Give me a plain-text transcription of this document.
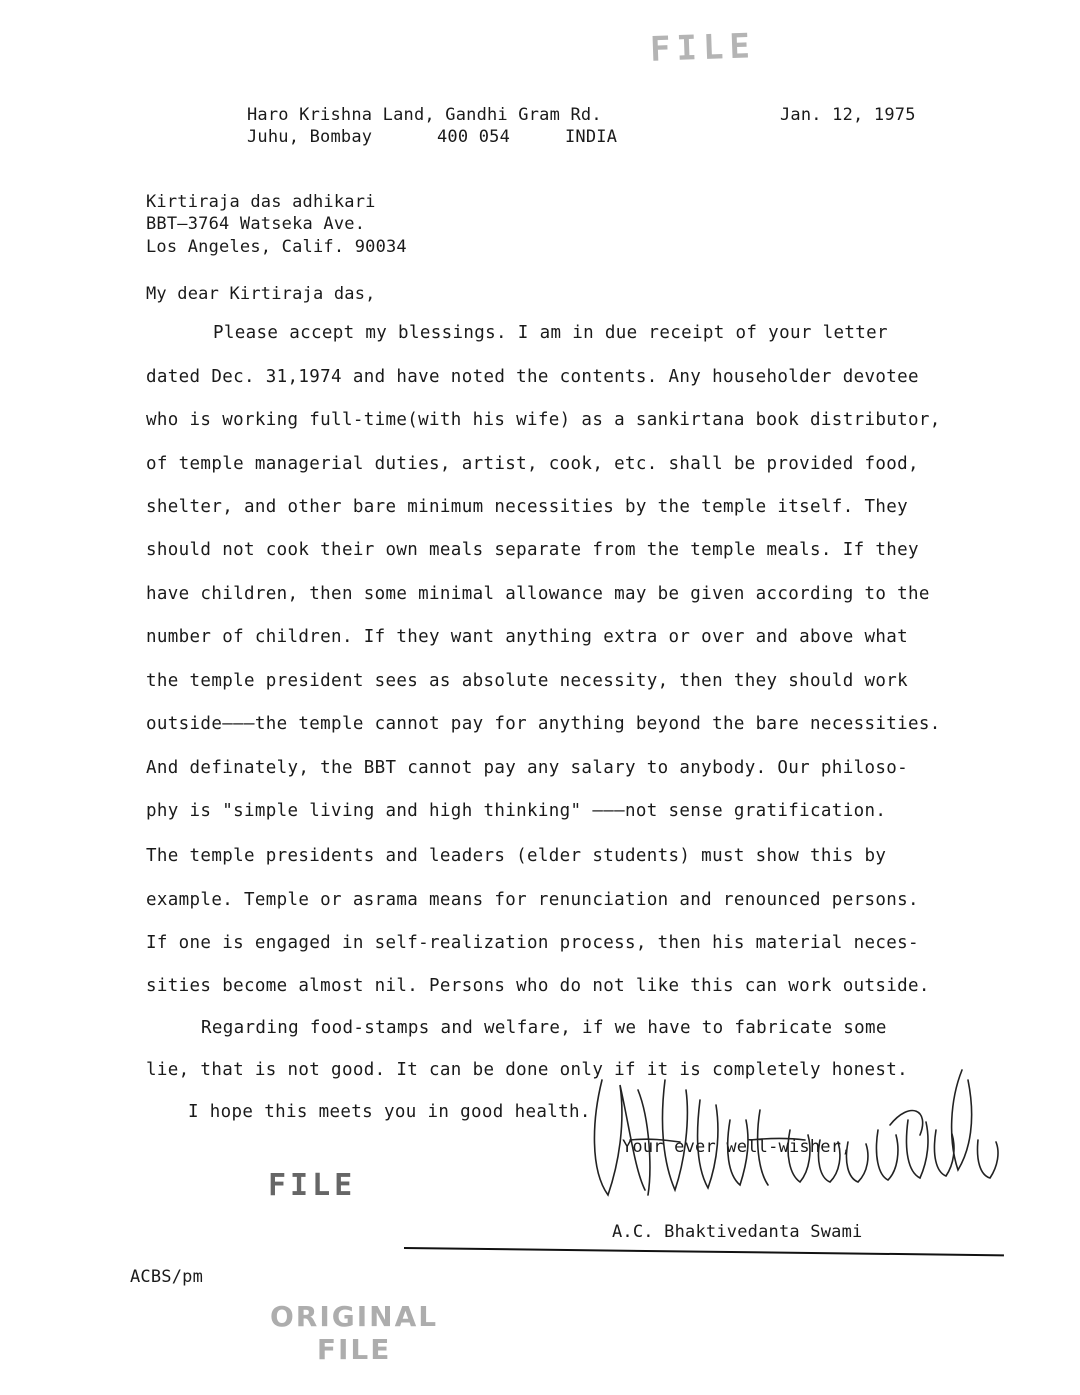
FILE
FILE
ORIGINAL
FILE
Haro Krishna Land, Gandhi Gram Rd.
Juhu, Bombay	400 054	INDIA
Jan. 12, 1975
Kirtiraja das adhikari
BBT—3764 Watseka Ave.
Los Angeles, Calif. 90034
My dear Kirtiraja das,
Please accept my blessings. I am in due receipt of your letter
dated Dec. 31,1974 and have noted the contents. Any householder devotee
who is working full-time(with his wife) as a sankirtana book distributor,
of temple managerial duties, artist, cook, etc. shall be provided food,
shelter, and other bare minimum necessities by the temple itself. They
should not cook their own meals separate from the temple meals. If they
have children, then some minimal allowance may be given according to the
number of children. If they want anything extra or over and above what
the temple president sees as absolute necessity, then they should work
outside———the temple cannot pay for anything beyond the bare necessities.
And definately, the BBT cannot pay any salary to anybody. Our philoso-
phy is "simple living and high thinking" ———not sense gratification.
The temple presidents and leaders (elder students) must show this by
example. Temple or asrama means for renunciation and renounced persons.
If one is engaged in self-realization process, then his material neces-
sities become almost nil. Persons who do not like this can work outside.
Regarding food-stamps and welfare, if we have to fabricate some
lie, that is not good. It can be done only if it is completely honest.
I hope this meets you in good health.
Your ever well-wisher,
A.C. Bhaktivedanta Swami
ACBS/pm
